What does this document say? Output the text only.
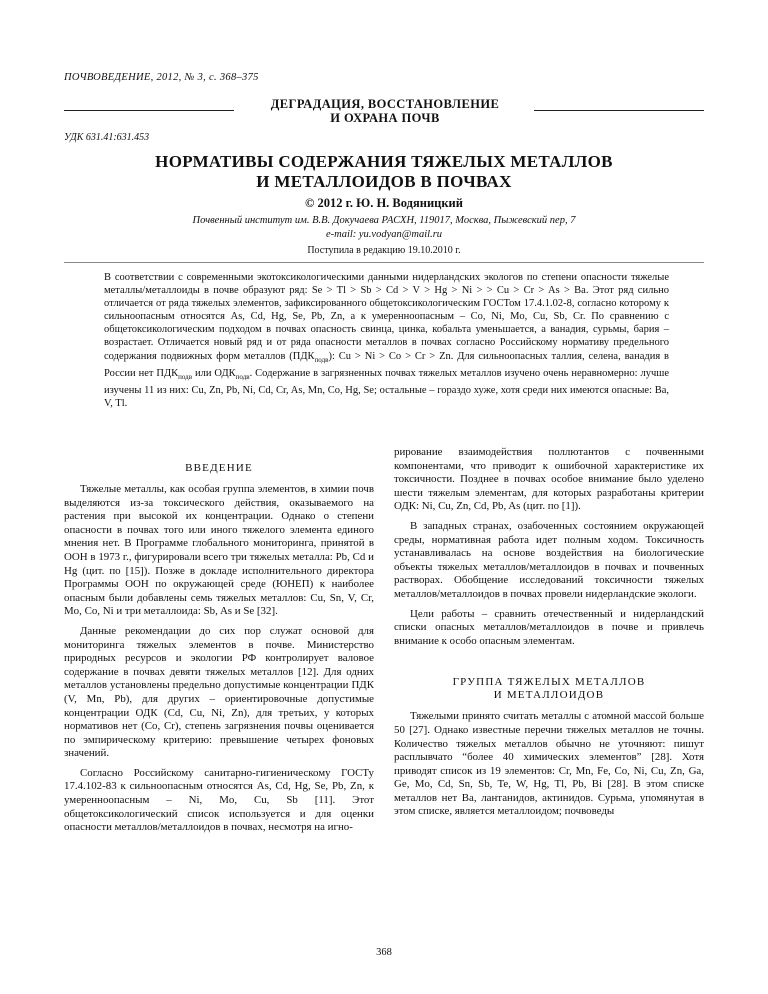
ПОЧВОВЕДЕНИЕ, 2012, № 3, с. 368–375
ДЕГРАДАЦИЯ, ВОССТАНОВЛЕНИЕ
И ОХРАНА ПОЧВ
УДК 631.41:631.453
НОРМАТИВЫ СОДЕРЖАНИЯ ТЯЖЕЛЫХ МЕТАЛЛОВ
И МЕТАЛЛОИДОВ В ПОЧВАХ
© 2012 г. Ю. Н. Водяницкий
Почвенный институт им. В.В. Докучаева РАСХН, 119017, Москва, Пыжевский пер, 7
e-mail: yu.vodyan@mail.ru
Поступила в редакцию 19.10.2010 г.
В соответствии с современными экотоксикологическими данными нидерландских экологов по степени опасности тяжелые металлы/металлоиды в почве образуют ряд: Se > Tl > Sb > Cd > V > Hg > Ni > > Cu > Cr > As > Ba. Этот ряд сильно отличается от ряда тяжелых элементов, зафиксированного общетоксикологическим ГОСТом 17.4.1.02-8, согласно которому к сильноопасным относятся As, Cd, Hg, Se, Pb, Zn, а к умеренноопасным – Co, Ni, Mo, Cu, Sb, Cr. По сравнению с общетоксикологическим подходом в почвах опасность свинца, цинка, кобальта уменьшается, а ванадия, сурьмы, бария – возрастает. Отличается новый ряд и от ряда опасности металлов в почвах согласно Российскому нормативу предельного содержания подвижных форм металлов $(ПДК_{подв})$: Cu > Ni > Co > Cr > Zn. Для сильноопасных таллия, селена, ванадия в России нет $ПДК_{подв}$ или $ОДК_{подв}$. Содержание в загрязненных почвах тяжелых металлов изучено очень неравномерно: лучше изучены 11 из них: Cu, Zn, Pb, Ni, Cd, Cr, As, Mn, Co, Hg, Se; остальные – гораздо хуже, хотя среди них имеются опасные: Ba, V, Tl.
ВВЕДЕНИЕ

Тяжелые металлы, как особая группа элементов, в химии почв выделяются из-за токсического действия, оказываемого на растения при высокой их концентрации. Однако о степени опасности в почвах того или иного тяжелого элемента единого мнения нет. В Программе глобального мониторинга, принятой в ООН в 1973 г., фигурировали всего три тяжелых металла: Pb, Cd и Hg (цит. по [15]). Позже в докладе исполнительного директора Программы ООН по окружающей среде (ЮНЕП) к наиболее опасным были добавлены семь тяжелых металлов: Cu, Sn, V, Cr, Mo, Co, Ni и три металлоида: Sb, As и Se [32].

Данные рекомендации до сих пор служат основой для мониторинга тяжелых элементов в почве. Министерство природных ресурсов и экологии РФ контролирует валовое содержание в почвах девяти тяжелых металлов [12]. Для одних металлов установлены предельно допустимые концентрации ПДК (V, Mn, Pb), для других – ориентировочные допустимые концентрации ОДК (Cd, Cu, Ni, Zn), для третьих, у которых нормативов нет (Co, Cr), степень загрязнения почвы оценивается по эмпирическому критерию: превышение четырех фоновых значений.

Согласно Российскому санитарно-гигиеническому ГОСТу 17.4.102-83 к сильноопасным относятся As, Cd, Hg, Se, Pb, Zn, к умеренноопасным – Ni, Mo, Cu, Sb [11]. Этот общетоксикологический список используется и для оценки опасности металлов/металлоидов в почвах, несмотря на игно-

рирование взаимодействия поллютантов с почвенными компонентами, что приводит к ошибочной характеристике их токсичности. Позднее в почвах особое внимание было уделено шести тяжелым элементам, для которых разработаны критерии ОДК: Ni, Cu, Zn, Cd, Pb, As (цит. по [1]).

В западных странах, озабоченных состоянием окружающей среды, нормативная работа идет полным ходом. Токсичность устанавливалась на основе воздействия на биологические объекты тяжелых металлов/металлоидов в почвах и почвенных растворах. Обобщение исследований токсичности тяжелых металлов/металлоидов в почвах провели нидерландские экологи.

Цели работы – сравнить отечественный и нидерландский списки опасных металлов/металлоидов в почве и привлечь внимание к особо опасным элементам.

ГРУППА ТЯЖЕЛЫХ МЕТАЛЛОВ
И МЕТАЛЛОИДОВ

Тяжелыми принято считать металлы с атомной массой больше 50 [27]. Однако известные перечни тяжелых металлов не точны. Количество тяжелых металлов обычно не уточняют: пишут расплывчато “более 40 химических элементов” [28]. Хотя приводят список из 19 элементов: Cr, Mn, Fe, Co, Ni, Cu, Zn, Ga, Ge, Mo, Cd, Sn, Sb, Te, W, Hg, Tl, Pb, Bi [28]. В этом списке металлов нет Ba, лантанидов, актинидов. Сурьма, упомянутая в этом списке, является металлоидом; почвоведы

368
